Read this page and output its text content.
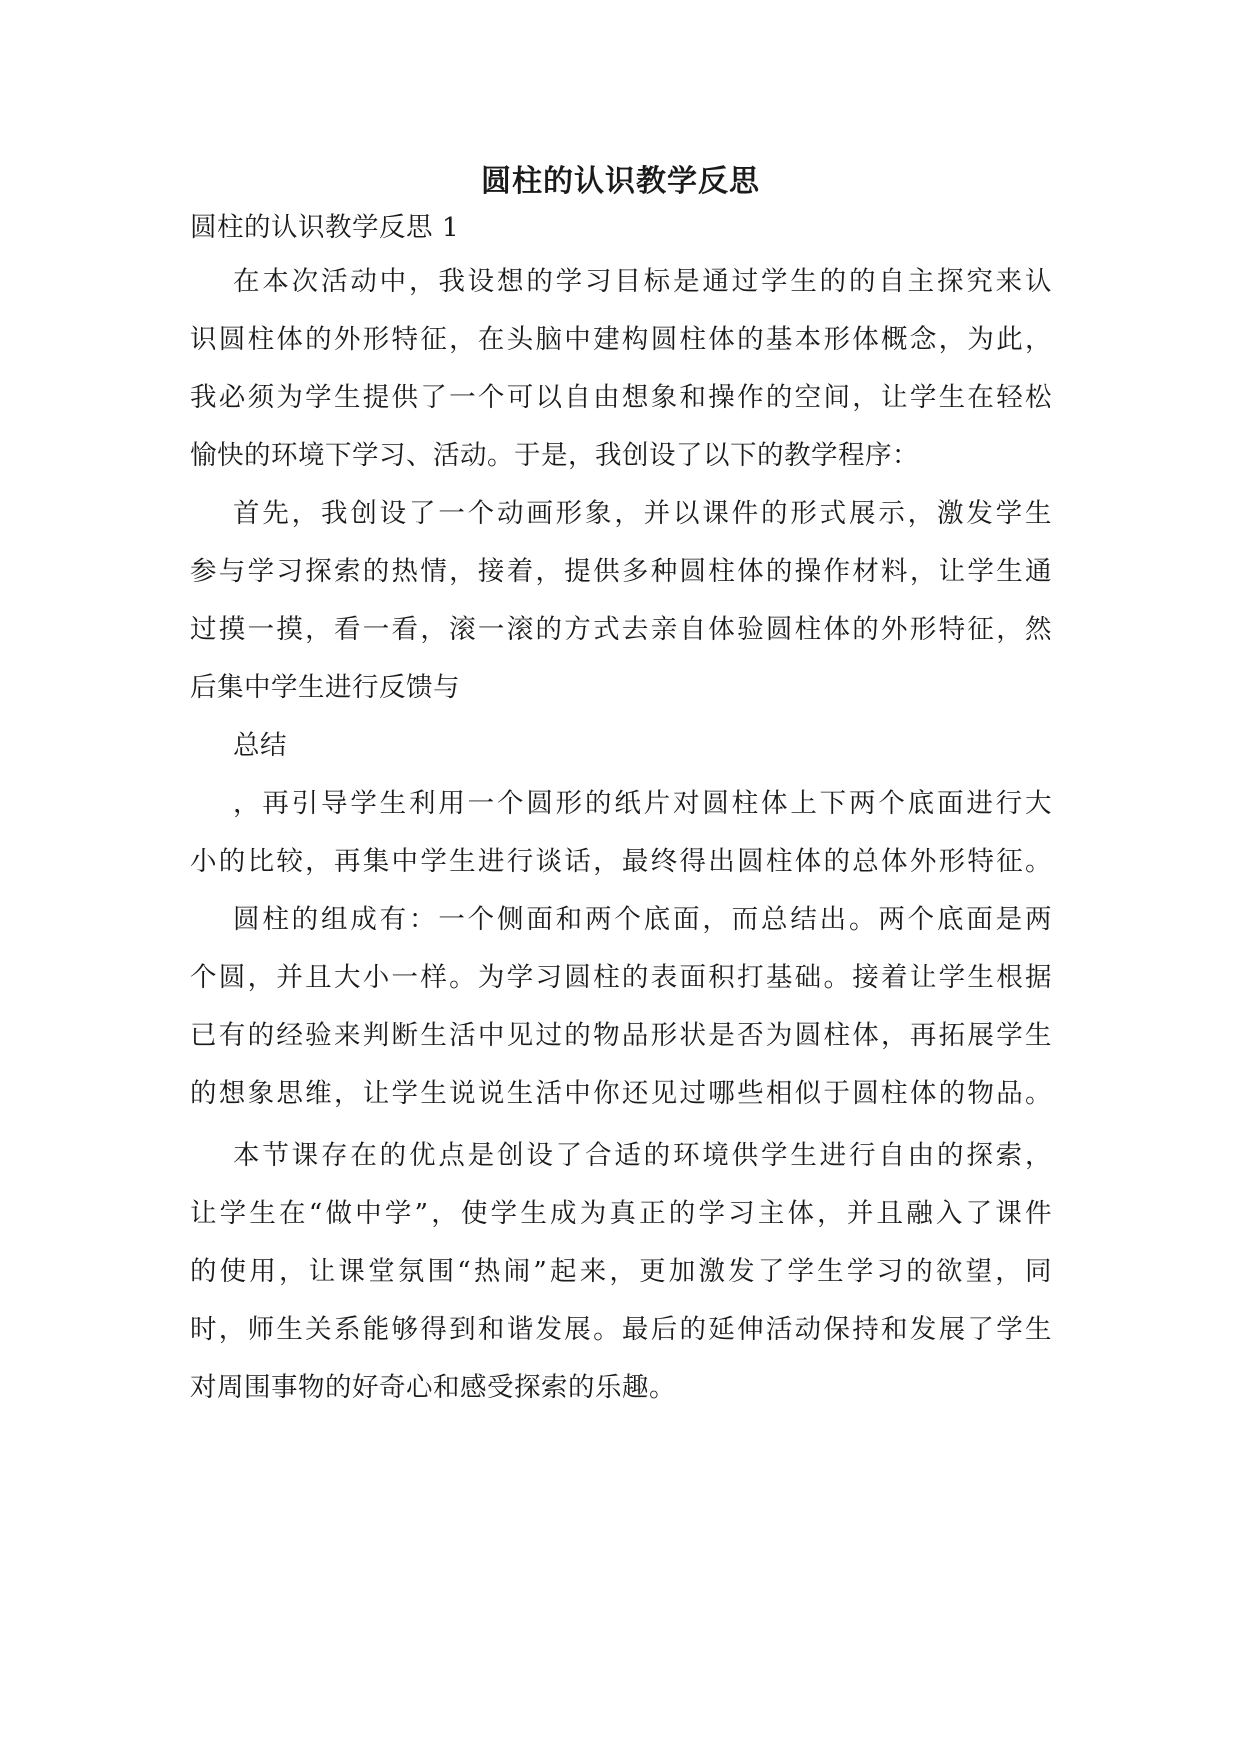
圆柱的认识教学反思
圆柱的认识教学反思 1
在本次活动中，我设想的学习目标是通过学生的的自主探究来认
识圆柱体的外形特征，在头脑中建构圆柱体的基本形体概念，为此，
我必须为学生提供了一个可以自由想象和操作的空间，让学生在轻松
愉快的环境下学习、活动。于是，我创设了以下的教学程序：
首先，我创设了一个动画形象，并以课件的形式展示，激发学生
参与学习探索的热情，接着，提供多种圆柱体的操作材料，让学生通
过摸一摸，看一看，滚一滚的方式去亲自体验圆柱体的外形特征，然
后集中学生进行反馈与
总结
，再引导学生利用一个圆形的纸片对圆柱体上下两个底面进行大
小的比较，再集中学生进行谈话，最终得出圆柱体的总体外形特征。
圆柱的组成有：一个侧面和两个底面，而总结出。两个底面是两
个圆，并且大小一样。为学习圆柱的表面积打基础。接着让学生根据
已有的经验来判断生活中见过的物品形状是否为圆柱体，再拓展学生
的想象思维，让学生说说生活中你还见过哪些相似于圆柱体的物品。
本节课存在的优点是创设了合适的环境供学生进行自由的探索，
让学生在“做中学”，使学生成为真正的学习主体，并且融入了课件
的使用，让课堂氛围“热闹”起来，更加激发了学生学习的欲望，同
时，师生关系能够得到和谐发展。最后的延伸活动保持和发展了学生
对周围事物的好奇心和感受探索的乐趣。
